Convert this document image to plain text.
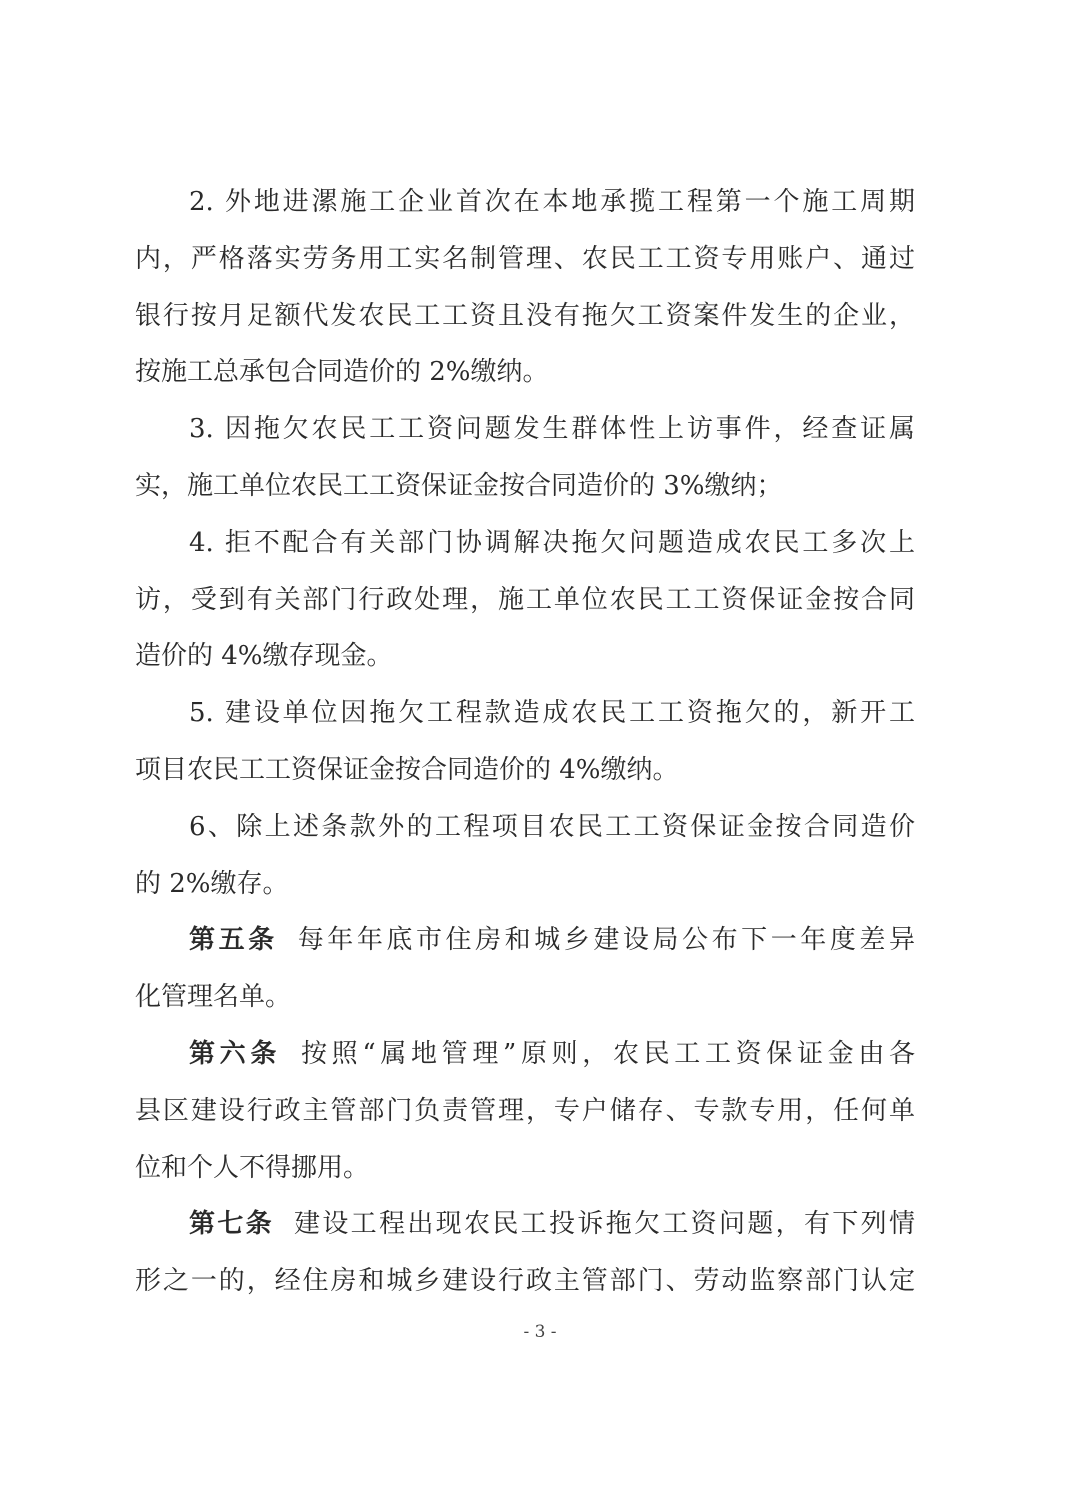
2. 外地进漯施工企业首次在本地承揽工程第一个施工周期
内，严格落实劳务用工实名制管理、农民工工资专用账户、通过
银行按月足额代发农民工工资且没有拖欠工资案件发生的企业，
按施工总承包合同造价的 2%缴纳。
3. 因拖欠农民工工资问题发生群体性上访事件，经查证属
实，施工单位农民工工资保证金按合同造价的 3%缴纳；
4. 拒不配合有关部门协调解决拖欠问题造成农民工多次上
访，受到有关部门行政处理，施工单位农民工工资保证金按合同
造价的 4%缴存现金。
5. 建设单位因拖欠工程款造成农民工工资拖欠的，新开工
项目农民工工资保证金按合同造价的 4%缴纳。
6、除上述条款外的工程项目农民工工资保证金按合同造价
的 2%缴存。
第五条 每年年底市住房和城乡建设局公布下一年度差异
化管理名单。
第六条 按照“属地管理”原则，农民工工资保证金由各
县区建设行政主管部门负责管理，专户储存、专款专用，任何单
位和个人不得挪用。
第七条 建设工程出现农民工投诉拖欠工资问题，有下列情
形之一的，经住房和城乡建设行政主管部门、劳动监察部门认定
- 3 -
